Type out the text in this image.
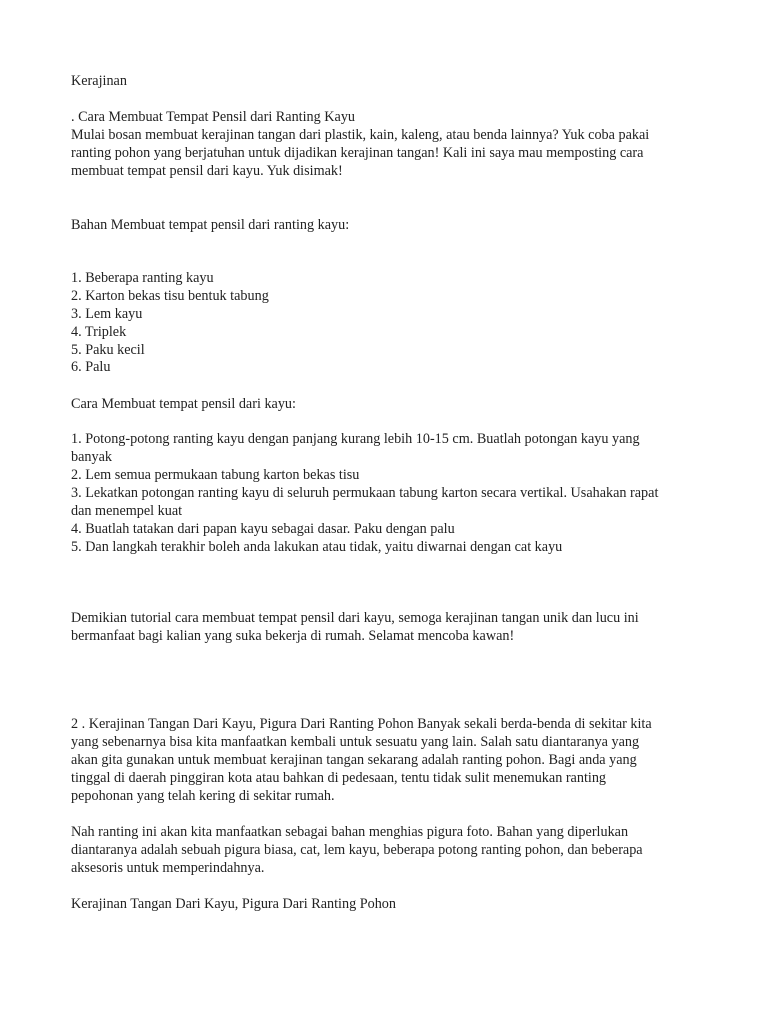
Kerajinan
. Cara Membuat Tempat Pensil dari Ranting Kayu
Mulai bosan membuat kerajinan tangan dari plastik, kain, kaleng, atau benda lainnya? Yuk coba pakai
ranting pohon yang berjatuhan untuk dijadikan kerajinan tangan! Kali ini saya mau memposting cara
membuat tempat pensil dari kayu. Yuk disimak!
Bahan Membuat tempat pensil dari ranting kayu:
1. Beberapa ranting kayu
2. Karton bekas tisu bentuk tabung
3. Lem kayu
4. Triplek
5. Paku kecil
6. Palu
Cara Membuat tempat pensil dari kayu:
1. Potong-potong ranting kayu dengan panjang kurang lebih 10-15 cm. Buatlah potongan kayu yang
banyak
2. Lem semua permukaan tabung karton bekas tisu
3. Lekatkan potongan ranting kayu di seluruh permukaan tabung karton secara vertikal. Usahakan rapat
dan menempel kuat
4. Buatlah tatakan dari papan kayu sebagai dasar. Paku dengan palu
5. Dan langkah terakhir boleh anda lakukan atau tidak, yaitu diwarnai dengan cat kayu
Demikian tutorial cara membuat tempat pensil dari kayu, semoga kerajinan tangan unik dan lucu ini
bermanfaat bagi kalian yang suka bekerja di rumah. Selamat mencoba kawan!
2 . Kerajinan Tangan Dari Kayu, Pigura Dari Ranting Pohon Banyak sekali berda-benda di sekitar kita
yang sebenarnya bisa kita manfaatkan kembali untuk sesuatu yang lain. Salah satu diantaranya yang
akan gita gunakan untuk membuat kerajinan tangan sekarang adalah ranting pohon. Bagi anda yang
tinggal di daerah pinggiran kota atau bahkan di pedesaan, tentu tidak sulit menemukan ranting
pepohonan yang telah kering di sekitar rumah.
Nah ranting ini akan kita manfaatkan sebagai bahan menghias pigura foto. Bahan yang diperlukan
diantaranya adalah sebuah pigura biasa, cat, lem kayu, beberapa potong ranting pohon, dan beberapa
aksesoris untuk memperindahnya.
Kerajinan Tangan Dari Kayu, Pigura Dari Ranting Pohon
